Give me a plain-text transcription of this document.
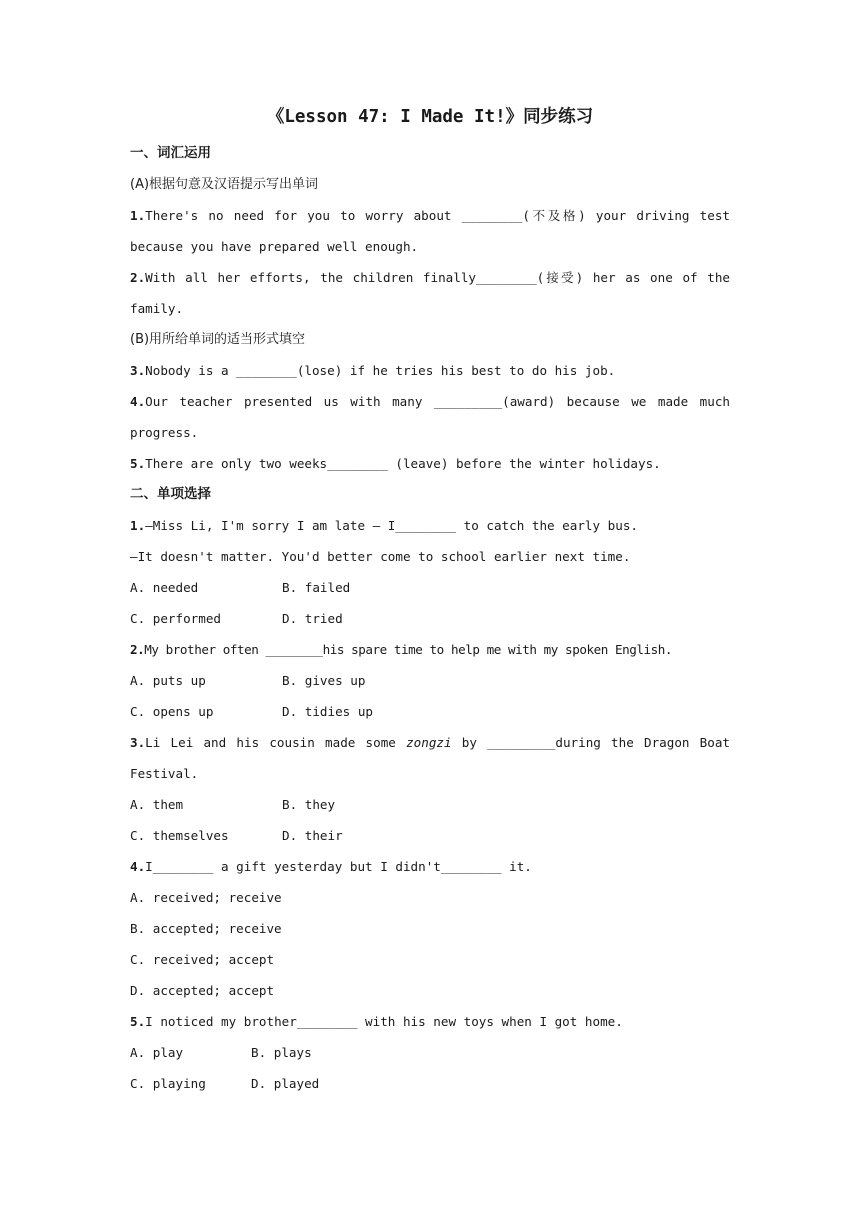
《Lesson 47: I Made It!》同步练习
一、词汇运用
(A)根据句意及汉语提示写出单词
1.There's no need for you to worry about ________(不及格) your driving test
because you have prepared well enough.
2.With all her efforts, the children finally________(接受) her as one of the
family.
(B)用所给单词的适当形式填空
3.Nobody is a ________(lose) if he tries his best to do his job.
4.Our teacher presented us with many _________(award) because we made much
progress.
5.There are only two weeks________ (leave) before the winter holidays.
二、单项选择
1.—Miss Li, I'm sorry I am late — I________ to catch the early bus.
—It doesn't matter. You'd better come to school earlier next time.
A. needed	B. failed
C. performed	D. tried
2.My brother often ________his spare time to help me with my spoken English.
A. puts up	B. gives up
C. opens up	D. tidies up
3.Li Lei and his cousin made some zongzi by _________during the Dragon Boat
Festival.
A. them	B. they
C. themselves	D. their
4.I________ a gift yesterday but I didn't________ it.
A. received; receive
B. accepted; receive
C. received; accept
D. accepted; accept
5.I noticed my brother________ with his new toys when I got home.
A. play	B. plays
C. playing	D. played
